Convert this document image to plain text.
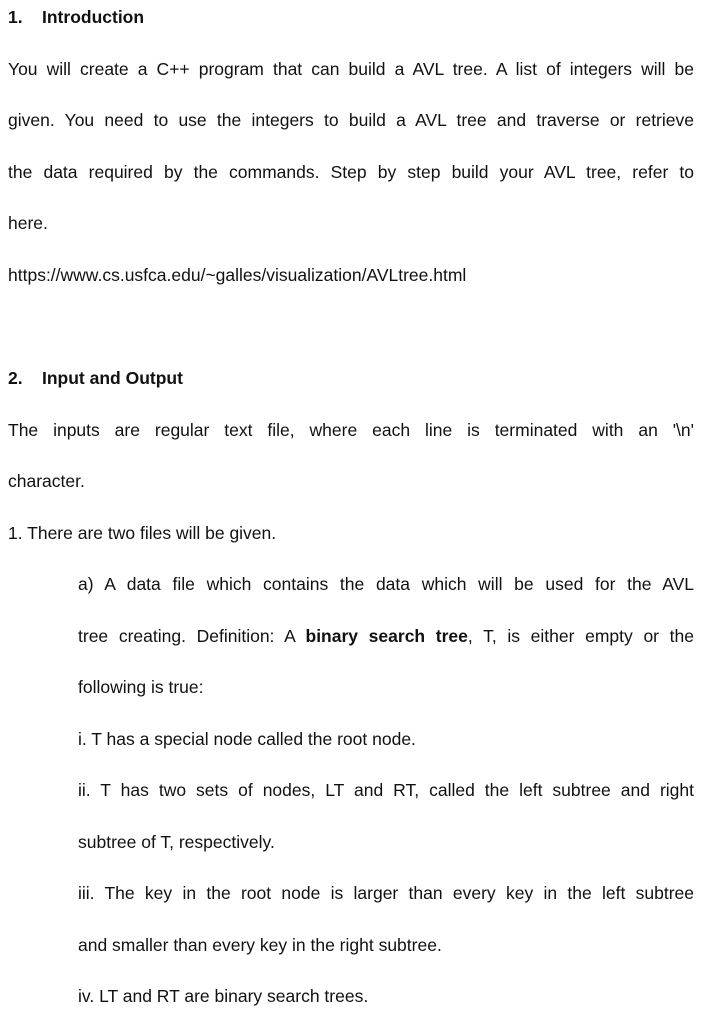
1. Introduction
You will create a C++ program that can build a AVL tree. A list of integers will be
given. You need to use the integers to build a AVL tree and traverse or retrieve
the data required by the commands. Step by step build your AVL tree, refer to
here.
https://www.cs.usfca.edu/~galles/visualization/AVLtree.html
2. Input and Output
The inputs are regular text file, where each line is terminated with an '\n'
character.
1. There are two files will be given.
a) A data file which contains the data which will be used for the AVL
tree creating. Definition: A binary search tree, T, is either empty or the
following is true:
i. T has a special node called the root node.
ii. T has two sets of nodes, LT and RT, called the left subtree and right
subtree of T, respectively.
iii. The key in the root node is larger than every key in the left subtree
and smaller than every key in the right subtree.
iv. LT and RT are binary search trees.
